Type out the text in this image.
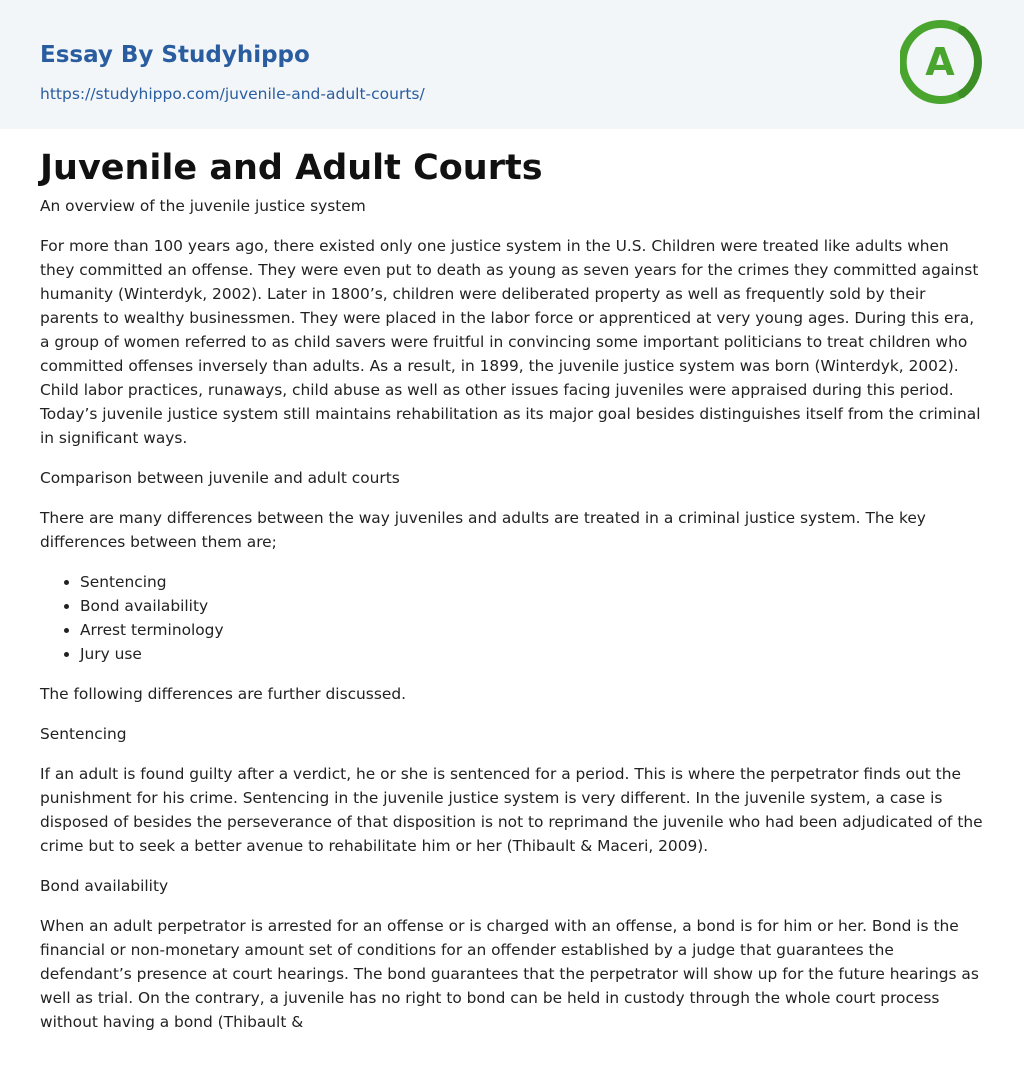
Essay By Studyhippo
https://studyhippo.com/juvenile-and-adult-courts/
A
Juvenile and Adult Courts

An overview of the juvenile justice system

For more than 100 years ago, there existed only one justice system in the U.S. Children were treated like adults when they committed an offense. They were even put to death as young as seven years for the crimes they committed against humanity (Winterdyk, 2002). Later in 1800’s, children were deliberated property as well as frequently sold by their parents to wealthy businessmen. They were placed in the labor force or apprenticed at very young ages. During this era, a group of women referred to as child savers were fruitful in convincing some important politicians to treat children who committed offenses inversely than adults. As a result, in 1899, the juvenile justice system was born (Winterdyk, 2002). Child labor practices, runaways, child abuse as well as other issues facing juveniles were appraised during this period. Today’s juvenile justice system still maintains rehabilitation as its major goal besides distinguishes itself from the criminal in significant ways.

Comparison between juvenile and adult courts

There are many differences between the way juveniles and adults are treated in a criminal justice system. The key differences between them are;

• Sentencing
• Bond availability
• Arrest terminology
• Jury use

The following differences are further discussed.

Sentencing

If an adult is found guilty after a verdict, he or she is sentenced for a period. This is where the perpetrator finds out the punishment for his crime. Sentencing in the juvenile justice system is very different. In the juvenile system, a case is disposed of besides the perseverance of that disposition is not to reprimand the juvenile who had been adjudicated of the crime but to seek a better avenue to rehabilitate him or her (Thibault & Maceri, 2009).

Bond availability

When an adult perpetrator is arrested for an offense or is charged with an offense, a bond is for him or her. Bond is the financial or non-monetary amount set of conditions for an offender established by a judge that guarantees the defendant’s presence at court hearings. The bond guarantees that the perpetrator will show up for the future hearings as well as trial. On the contrary, a juvenile has no right to bond can be held in custody through the whole court process without having a bond (Thibault &
